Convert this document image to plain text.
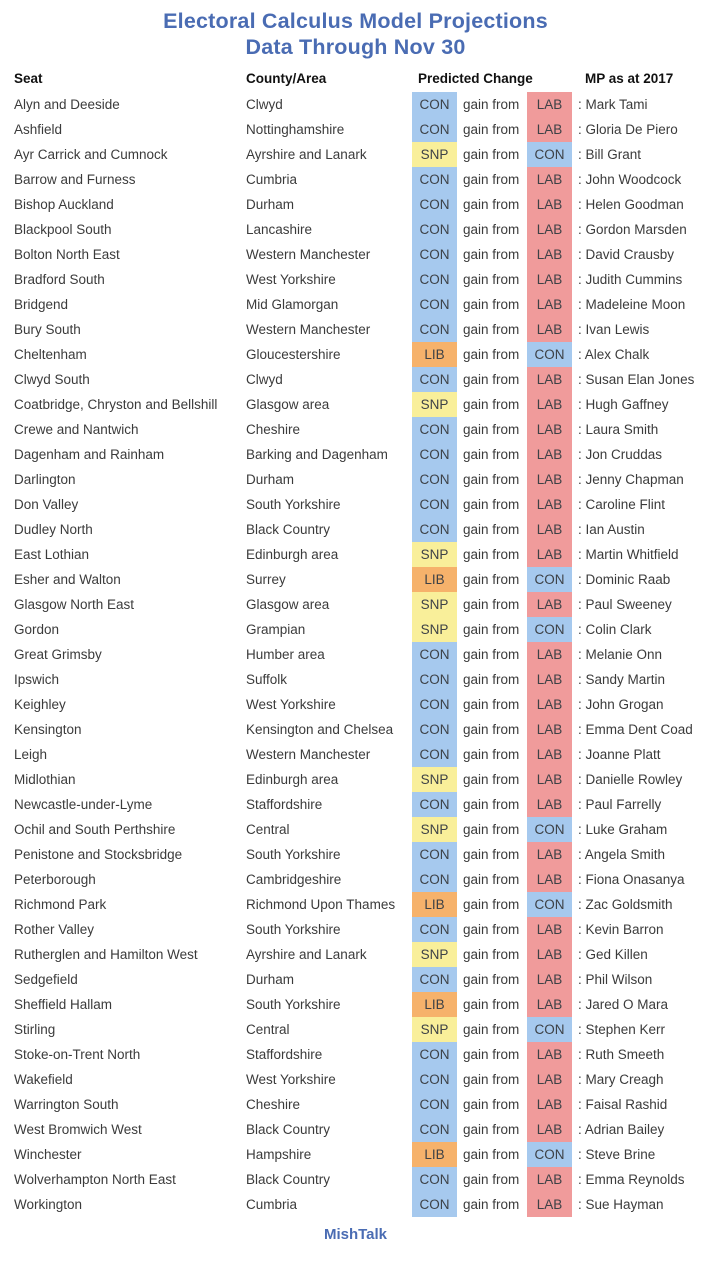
Electoral Calculus Model Projections
Data Through Nov 30
Seat	County/Area	Predicted Change	MP as at 2017
Alyn and Deeside	Clwyd	CON	gain from	LAB	: Mark Tami
Ashfield	Nottinghamshire	CON	gain from	LAB	: Gloria De Piero
Ayr Carrick and Cumnock	Ayrshire and Lanark	SNP	gain from	CON	: Bill Grant
Barrow and Furness	Cumbria	CON	gain from	LAB	: John Woodcock
Bishop Auckland	Durham	CON	gain from	LAB	: Helen Goodman
Blackpool South	Lancashire	CON	gain from	LAB	: Gordon Marsden
Bolton North East	Western Manchester	CON	gain from	LAB	: David Crausby
Bradford South	West Yorkshire	CON	gain from	LAB	: Judith Cummins
Bridgend	Mid Glamorgan	CON	gain from	LAB	: Madeleine Moon
Bury South	Western Manchester	CON	gain from	LAB	: Ivan Lewis
Cheltenham	Gloucestershire	LIB	gain from	CON	: Alex Chalk
Clwyd South	Clwyd	CON	gain from	LAB	: Susan Elan Jones
Coatbridge, Chryston and Bellshill	Glasgow area	SNP	gain from	LAB	: Hugh Gaffney
Crewe and Nantwich	Cheshire	CON	gain from	LAB	: Laura Smith
Dagenham and Rainham	Barking and Dagenham	CON	gain from	LAB	: Jon Cruddas
Darlington	Durham	CON	gain from	LAB	: Jenny Chapman
Don Valley	South Yorkshire	CON	gain from	LAB	: Caroline Flint
Dudley North	Black Country	CON	gain from	LAB	: Ian Austin
East Lothian	Edinburgh area	SNP	gain from	LAB	: Martin Whitfield
Esher and Walton	Surrey	LIB	gain from	CON	: Dominic Raab
Glasgow North East	Glasgow area	SNP	gain from	LAB	: Paul Sweeney
Gordon	Grampian	SNP	gain from	CON	: Colin Clark
Great Grimsby	Humber area	CON	gain from	LAB	: Melanie Onn
Ipswich	Suffolk	CON	gain from	LAB	: Sandy Martin
Keighley	West Yorkshire	CON	gain from	LAB	: John Grogan
Kensington	Kensington and Chelsea	CON	gain from	LAB	: Emma Dent Coad
Leigh	Western Manchester	CON	gain from	LAB	: Joanne Platt
Midlothian	Edinburgh area	SNP	gain from	LAB	: Danielle Rowley
Newcastle-under-Lyme	Staffordshire	CON	gain from	LAB	: Paul Farrelly
Ochil and South Perthshire	Central	SNP	gain from	CON	: Luke Graham
Penistone and Stocksbridge	South Yorkshire	CON	gain from	LAB	: Angela Smith
Peterborough	Cambridgeshire	CON	gain from	LAB	: Fiona Onasanya
Richmond Park	Richmond Upon Thames	LIB	gain from	CON	: Zac Goldsmith
Rother Valley	South Yorkshire	CON	gain from	LAB	: Kevin Barron
Rutherglen and Hamilton West	Ayrshire and Lanark	SNP	gain from	LAB	: Ged Killen
Sedgefield	Durham	CON	gain from	LAB	: Phil Wilson
Sheffield Hallam	South Yorkshire	LIB	gain from	LAB	: Jared O Mara
Stirling	Central	SNP	gain from	CON	: Stephen Kerr
Stoke-on-Trent North	Staffordshire	CON	gain from	LAB	: Ruth Smeeth
Wakefield	West Yorkshire	CON	gain from	LAB	: Mary Creagh
Warrington South	Cheshire	CON	gain from	LAB	: Faisal Rashid
West Bromwich West	Black Country	CON	gain from	LAB	: Adrian Bailey
Winchester	Hampshire	LIB	gain from	CON	: Steve Brine
Wolverhampton North East	Black Country	CON	gain from	LAB	: Emma Reynolds
Workington	Cumbria	CON	gain from	LAB	: Sue Hayman
MishTalk
